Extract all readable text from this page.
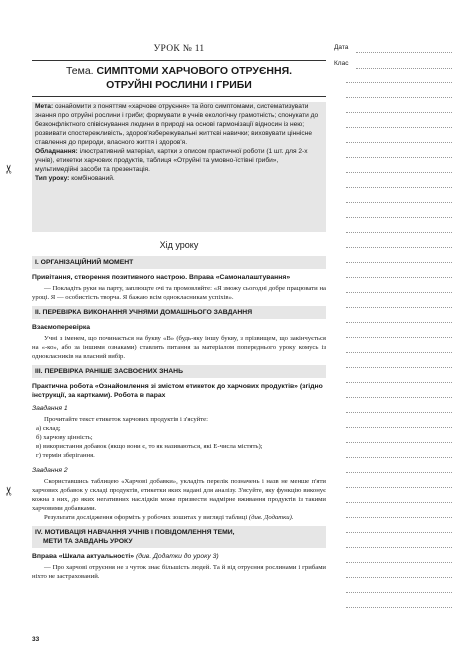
✂
✂
УРОК № 11
Тема. СИМПТОМИ ХАРЧОВОГО ОТРУЄННЯ.
ОТРУЙНІ РОСЛИНИ І ГРИБИ

Мета: ознайомити з поняттям «харчове отруєння» та його симптомами, систематизувати знання про отруйні рослини і гриби; формувати в учнів екологічну грамотність; спонукати до безконфліктного співіснування людини в природі на основі гармонізації відносин із нею; розвивати спостережливість, здоров'язбережувальні життєві навички; виховувати ціннісне ставлення до природи, власного життя і здоров'я.

Обладнання: ілюстративний матеріал, картки з описом практичної роботи (1 шт. для 2-х учнів), етикетки харчових продуктів, таблиця «Отруйні та умовно-їстівні гриби», мультимедійні засоби та презентація.

Тип уроку: комбінований.

Хід уроку
I. ОРГАНІЗАЦІЙНИЙ МОМЕНТ
Привітання, створення позитивного настрою. Вправа «Самоналаштування»

— Покладіть руки на парту, заплющте очі та промовляйте: «Я зможу сьогодні добре працювати на уроці. Я — особистість творча. Я бажаю всім однокласникам успіхів».

II. ПЕРЕВІРКА ВИКОНАННЯ УЧНЯМИ ДОМАШНЬОГО ЗАВДАННЯ
Взаємоперевірка

Учні з іменем, що починається на букву «В» (будь-яку іншу букву, з прізвищем, що закінчується на «-ко», або за іншими ознаками) ставлять питання за матеріалом попереднього уроку комусь із однокласників на власний вибір.

III. ПЕРЕВІРКА РАНІШЕ ЗАСВОЄНИХ ЗНАНЬ
Практична робота «Ознайомлення зі змістом етикеток до харчових продуктів» (згідно інструкції, за картками). Робота в парах
Завдання 1

Прочитайте текст етикеток харчових продуктів і з'ясуйте:

а) склад;

б) харчову цінність;

в) використання добавок (якщо вони є, то як називаються, які Е-числа містять);

г) термін зберігання.

Завдання 2

Скориставшись таблицею «Харчові добавки», укладіть перелік позначень і назв не менше п'яти харчових добавок у складі продуктів, етикетки яких надані для аналізу. З'ясуйте, яку функцію виконує кожна з них, до яких негативних наслідків може призвести надмірне вживання продуктів із такими харчовими добавками.

Результати дослідження оформіть у робочих зошитах у вигляді таблиці (див. Додатки).

IV. МОТИВАЦІЯ НАВЧАННЯ УЧНІВ І ПОВІДОМЛЕННЯ ТЕМИ,
МЕТИ ТА ЗАВДАНЬ УРОКУ
Вправа «Шкала актуальності» (див. Додатки до уроку 3)

— Про харчові отруєння не з чуток знає більшість людей. Та й від отруєння рослинами і грибами ніхто не застрахований.

Дата
Клас
33
